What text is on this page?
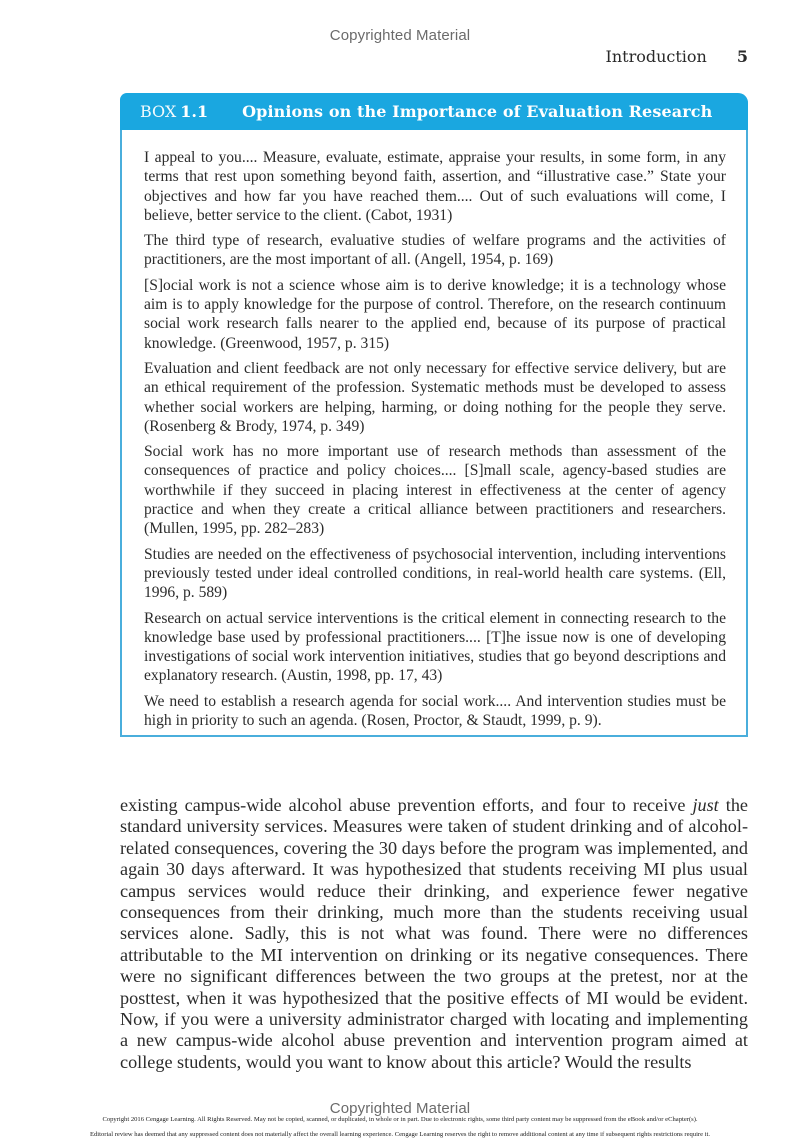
Copyrighted Material
Introduction 5
BOX 1.1 Opinions on the Importance of Evaluation Research

I appeal to you.... Measure, evaluate, estimate, appraise your results, in some form, in any terms that rest upon something beyond faith, assertion, and “illustrative case.” State your objectives and how far you have reached them.... Out of such evaluations will come, I believe, better service to the client. (Cabot, 1931)

The third type of research, evaluative studies of welfare programs and the activities of practitioners, are the most important of all. (Angell, 1954, p. 169)

[S]ocial work is not a science whose aim is to derive knowledge; it is a technology whose aim is to apply knowledge for the purpose of control. Therefore, on the research continuum social work research falls nearer to the applied end, because of its purpose of practical knowledge. (Greenwood, 1957, p. 315)

Evaluation and client feedback are not only necessary for effective service delivery, but are an ethical requirement of the profession. Systematic methods must be developed to assess whether social workers are helping, harming, or doing nothing for the people they serve. (Rosenberg & Brody, 1974, p. 349)

Social work has no more important use of research methods than assessment of the consequences of practice and policy choices.... [S]mall scale, agency-based studies are worthwhile if they succeed in placing interest in effectiveness at the center of agency practice and when they create a critical alliance between practitioners and researchers. (Mullen, 1995, pp. 282–283)

Studies are needed on the effectiveness of psychosocial intervention, including interventions previously tested under ideal controlled conditions, in real-world health care systems. (Ell, 1996, p. 589)

Research on actual service interventions is the critical element in connecting research to the knowledge base used by professional practitioners.... [T]he issue now is one of developing investigations of social work intervention initiatives, studies that go beyond descriptions and explanatory research. (Austin, 1998, pp. 17, 43)

We need to establish a research agenda for social work.... And intervention studies must be high in priority to such an agenda. (Rosen, Proctor, & Staudt, 1999, p. 9).

existing campus-wide alcohol abuse prevention efforts, and four to receive just the standard university services. Measures were taken of student drinking and of alcohol-related consequences, covering the 30 days before the program was implemented, and again 30 days afterward. It was hypothesized that students receiving MI plus usual campus services would reduce their drinking, and experience fewer negative consequences from their drinking, much more than the students receiving usual services alone. Sadly, this is not what was found. There were no differences attributable to the MI intervention on drinking or its negative consequences. There were no significant differences between the two groups at the pretest, nor at the posttest, when it was hypothesized that the positive effects of MI would be evident. Now, if you were a university administrator charged with locating and implementing a new campus-wide alcohol abuse prevention and intervention program aimed at college students, would you want to know about this article? Would the results

Copyrighted Material
Copyright 2016 Cengage Learning. All Rights Reserved. May not be copied, scanned, or duplicated, in whole or in part. Due to electronic rights, some third party content may be suppressed from the eBook and/or eChapter(s).
Editorial review has deemed that any suppressed content does not materially affect the overall learning experience. Cengage Learning reserves the right to remove additional content at any time if subsequent rights restrictions require it.
